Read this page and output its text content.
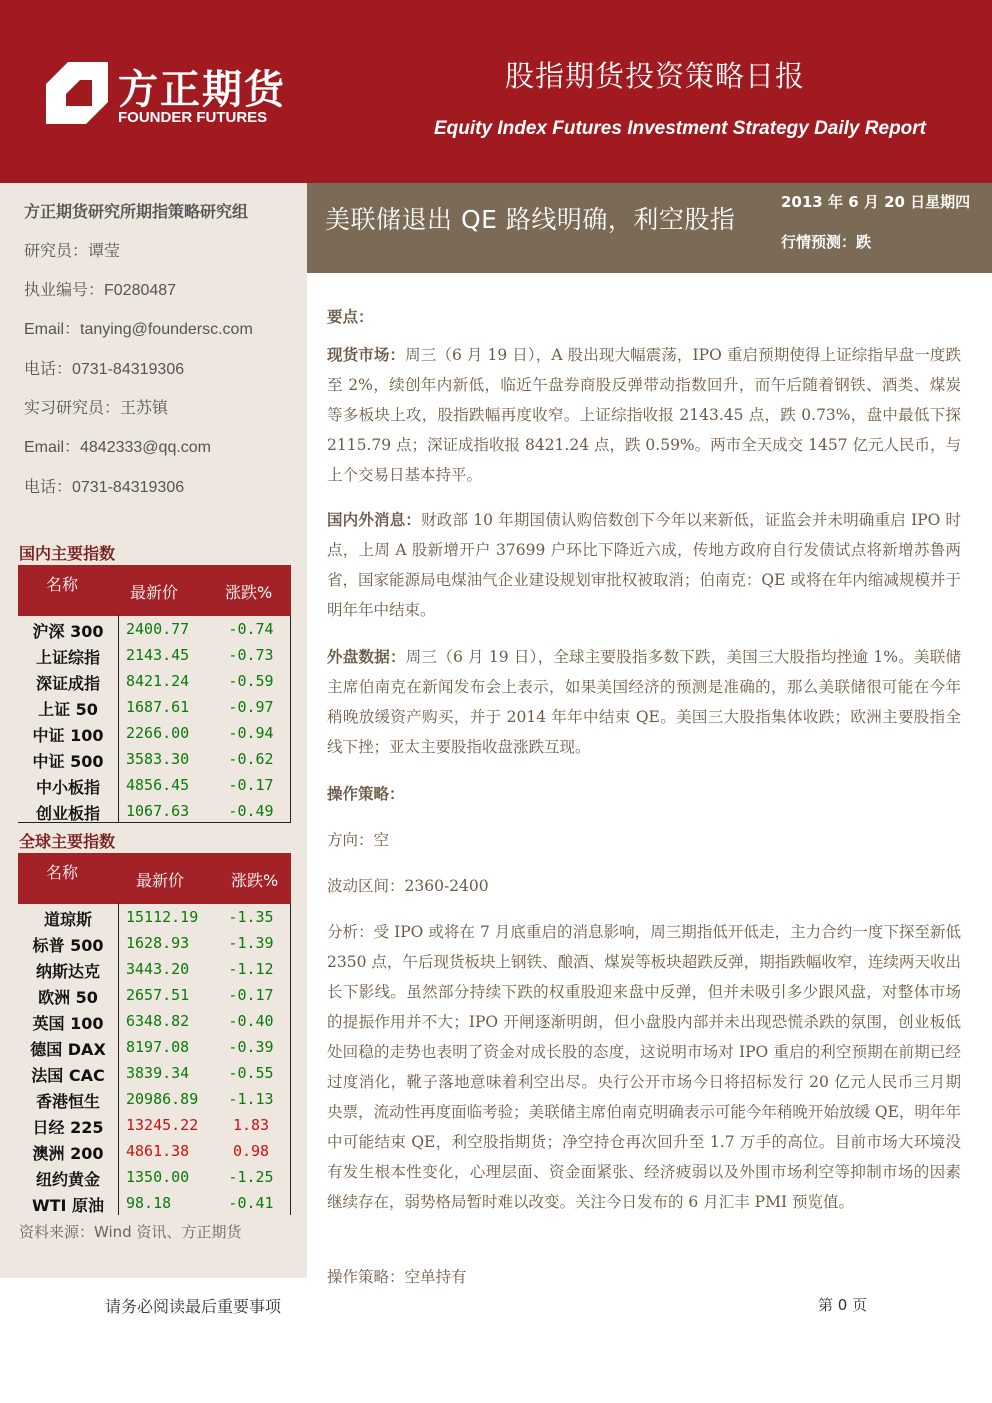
方正期货
FOUNDER FUTURES
股指期货投资策略日报
Equity Index Futures Investment Strategy Daily Report
方正期货研究所期指策略研究组
研究员：谭莹
执业编号：F0280487
Email：tanying@foundersc.com
电话：0731-84319306
实习研究员：王苏镇
Email：4842333@qq.com
电话：0731-84319306
美联储退出 QE 路线明确，利空股指
2013 年 6 月 20 日星期四
行情预测：跌
国内主要指数
名称	最新价	涨跌%
沪深 300	2400.77	-0.74
上证综指	2143.45	-0.73
深证成指	8421.24	-0.59
上证 50	1687.61	-0.97
中证 100	2266.00	-0.94
中证 500	3583.30	-0.62
中小板指	4856.45	-0.17
创业板指	1067.63	-0.49
全球主要指数
名称	最新价	涨跌%
道琼斯	15112.19	-1.35
标普 500	1628.93	-1.39
纳斯达克	3443.20	-1.12
欧洲 50	2657.51	-0.17
英国 100	6348.82	-0.40
德国 DAX	8197.08	-0.39
法国 CAC	3839.34	-0.55
香港恒生	20986.89	-1.13
日经 225	13245.22	1.83
澳洲 200	4861.38	0.98
纽约黄金	1350.00	-1.25
WTI 原油	98.18	-0.41
资料来源：Wind 资讯、方正期货
要点：
现货市场：周三（6 月 19 日），A 股出现大幅震荡，IPO 重启预期使得上证综指早盘一度跌至 2%，续创年内新低，临近午盘券商股反弹带动指数回升，而午后随着钢铁、酒类、煤炭等多板块上攻，股指跌幅再度收窄。上证综指收报 2143.45 点，跌 0.73%，盘中最低下探 2115.79 点；深证成指收报 8421.24 点，跌 0.59%。两市全天成交 1457 亿元人民币，与上个交易日基本持平。
国内外消息：财政部 10 年期国债认购倍数创下今年以来新低，证监会并未明确重启 IPO 时点，上周 A 股新增开户 37699 户环比下降近六成，传地方政府自行发债试点将新增苏鲁两省，国家能源局电煤油气企业建设规划审批权被取消；伯南克：QE 或将在年内缩减规模并于明年年中结束。
外盘数据：周三（6 月 19 日），全球主要股指多数下跌，美国三大股指均挫逾 1%。美联储主席伯南克在新闻发布会上表示，如果美国经济的预测是准确的，那么美联储很可能在今年稍晚放缓资产购买，并于 2014 年年中结束 QE。美国三大股指集体收跌；欧洲主要股指全线下挫；亚太主要股指收盘涨跌互现。
操作策略：
方向：空
波动区间：2360-2400
分析：受 IPO 或将在 7 月底重启的消息影响，周三期指低开低走，主力合约一度下探至新低 2350 点，午后现货板块上钢铁、酿酒、煤炭等板块超跌反弹，期指跌幅收窄，连续两天收出长下影线。虽然部分持续下跌的权重股迎来盘中反弹，但并未吸引多少跟风盘，对整体市场的提振作用并不大；IPO 开闸逐渐明朗，但小盘股内部并未出现恐慌杀跌的氛围，创业板低处回稳的走势也表明了资金对成长股的态度，这说明市场对 IPO 重启的利空预期在前期已经过度消化，靴子落地意味着利空出尽。央行公开市场今日将招标发行 20 亿元人民币三月期央票，流动性再度面临考验；美联储主席伯南克明确表示可能今年稍晚开始放缓 QE，明年年中可能结束 QE，利空股指期货；净空持仓再次回升至 1.7 万手的高位。目前市场大环境没有发生根本性变化，心理层面、资金面紧张、经济疲弱以及外围市场利空等抑制市场的因素继续存在，弱势格局暂时难以改变。关注今日发布的 6 月汇丰 PMI 预览值。
操作策略：空单持有
请务必阅读最后重要事项	第 0 页
